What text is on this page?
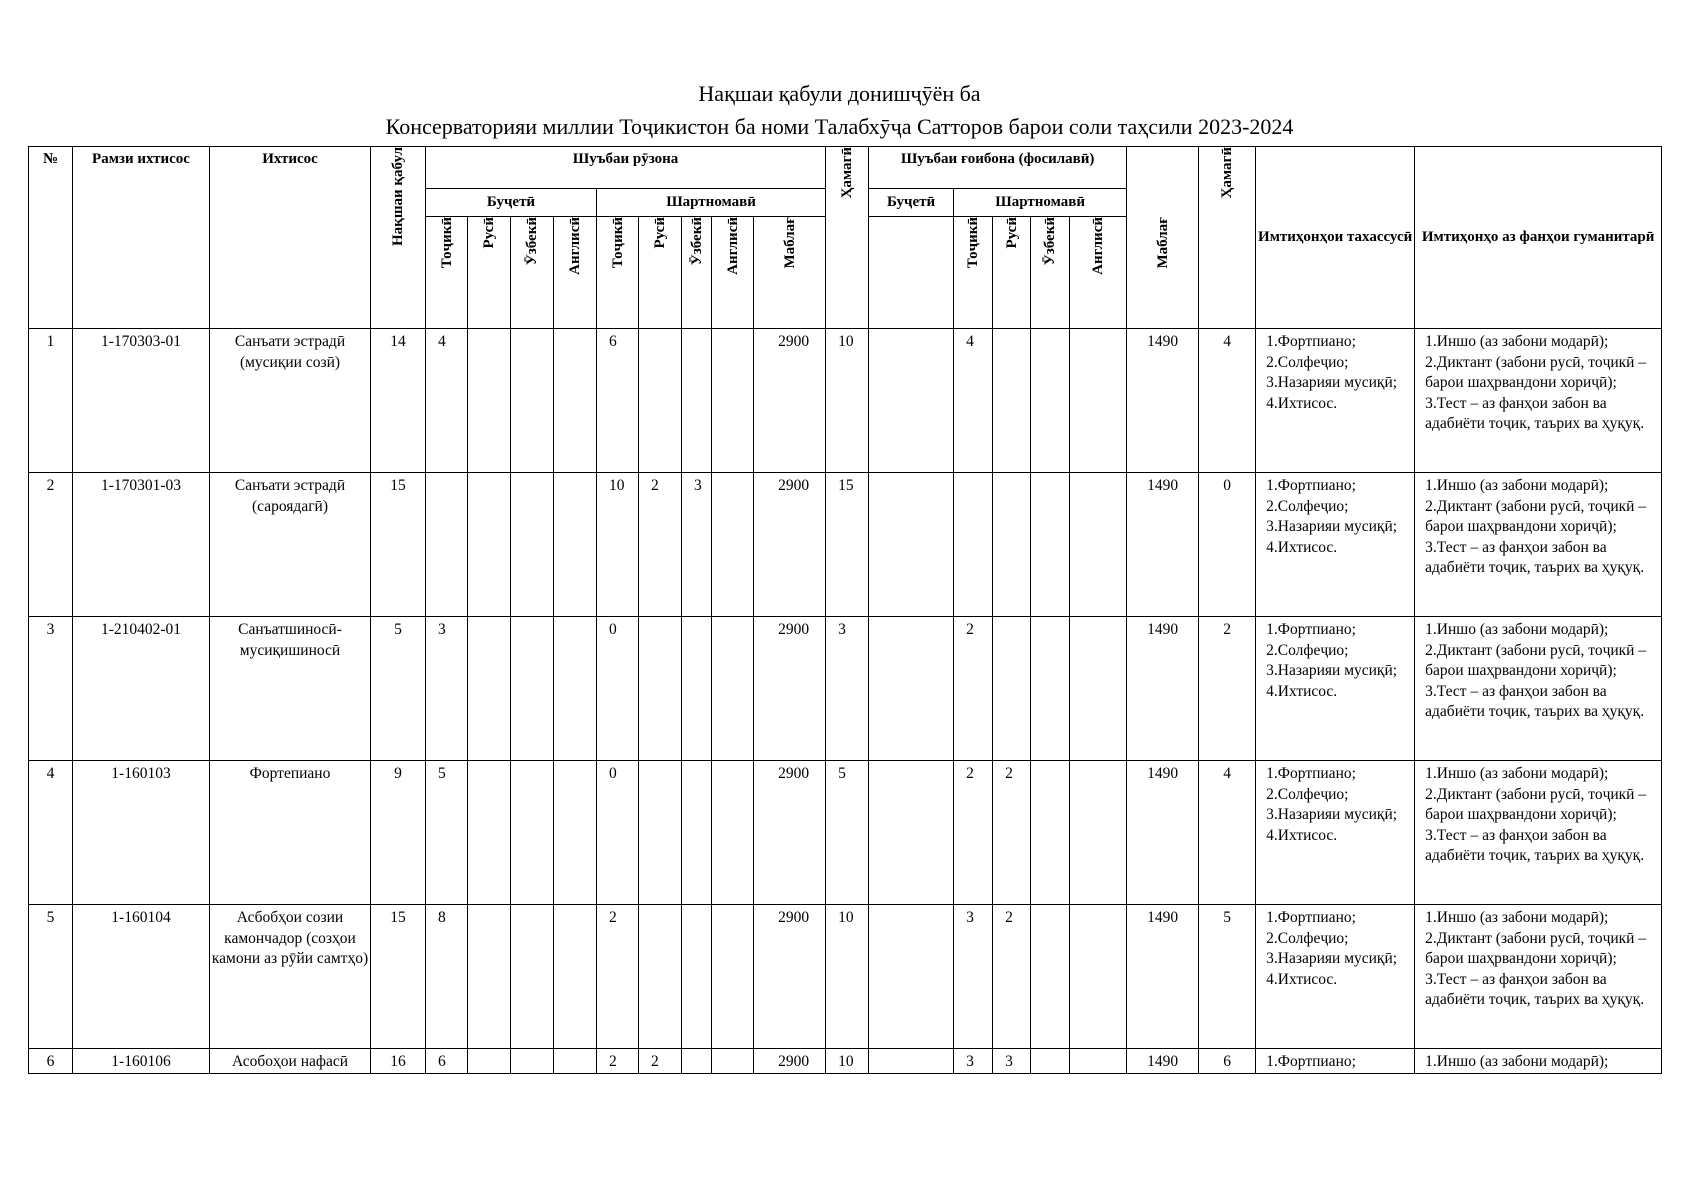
Нақшаи қабули донишҷӯён ба
Консерваторияи миллии Тоҷикистон ба номи Талабхӯҷа Сатторов барои соли таҳсили 2023-2024
№	Рамзи ихтисос	Ихтисос	Нақшаи қабул	Шуъбаи рӯзона									Ҳамагӣ	Шуъбаи ғоибона (фосилавӣ)						Ҳамагӣ	Имтиҳонҳои тахассусӣ	Имтиҳонҳо аз фанҳои гуманитарӣ
				Буҷетӣ				Шартномавӣ						Буҷетӣ	Шартномавӣ							
				Тоҷикӣ	Русӣ	Ӯзбекӣ	Англисӣ	Тоҷикӣ	Русӣ	Ӯзбекӣ	Англисӣ	Маблағ			Тоҷикӣ	Русӣ	Ӯзбекӣ	Англисӣ	Маблағ			
1	1-170303-01	Санъати эстрадӣ (мусиқии созӣ)	14	4				6				2900	10		4				1490	4	1.Фортпиано;
2.Солфеҷио;
3.Назарияи мусиқӣ;
4.Ихтисос.	1.Иншо (аз забони модарӣ);
2.Диктант (забони русӣ, тоҷикӣ – барои шаҳрвандони хориҷӣ);
3.Тест – аз фанҳои забон ва адабиёти тоҷик, таърих ва ҳуқуқ.

2	1-170301-03	Санъати эстрадӣ (сароядагӣ)	15					10	2	3		2900	15						1490	0	1.Фортпиано;
2.Солфеҷио;
3.Назарияи мусиқӣ;
4.Ихтисос.	1.Иншо (аз забони модарӣ);
2.Диктант (забони русӣ, тоҷикӣ – барои шаҳрвандони хориҷӣ);
3.Тест – аз фанҳои забон ва адабиёти тоҷик, таърих ва ҳуқуқ.

3	1-210402-01	Санъатшиносӣ-мусиқишиносӣ	5	3				0				2900	3		2				1490	2	1.Фортпиано;
2.Солфеҷио;
3.Назарияи мусиқӣ;
4.Ихтисос.	1.Иншо (аз забони модарӣ);
2.Диктант (забони русӣ, тоҷикӣ – барои шаҳрвандони хориҷӣ);
3.Тест – аз фанҳои забон ва адабиёти тоҷик, таърих ва ҳуқуқ.

4	1-160103	Фортепиано	9	5				0				2900	5		2	2			1490	4	1.Фортпиано;
2.Солфеҷио;
3.Назарияи мусиқӣ;
4.Ихтисос.	1.Иншо (аз забони модарӣ);
2.Диктант (забони русӣ, тоҷикӣ – барои шаҳрвандони хориҷӣ);
3.Тест – аз фанҳои забон ва адабиёти тоҷик, таърих ва ҳуқуқ.

5	1-160104	Асбобҳои созии камончадор (созҳои камони аз рӯйи самтҳо)	15	8				2				2900	10		3	2			1490	5	1.Фортпиано;
2.Солфеҷио;
3.Назарияи мусиқӣ;
4.Ихтисос.	1.Иншо (аз забони модарӣ);
2.Диктант (забони русӣ, тоҷикӣ – барои шаҳрвандони хориҷӣ);
3.Тест – аз фанҳои забон ва адабиёти тоҷик, таърих ва ҳуқуқ.

6	1-160106	Асобоҳои нафасӣ	16	6				2	2			2900	10		3	3			1490	6	1.Фортпиано;	1.Иншо (аз забони модарӣ);
